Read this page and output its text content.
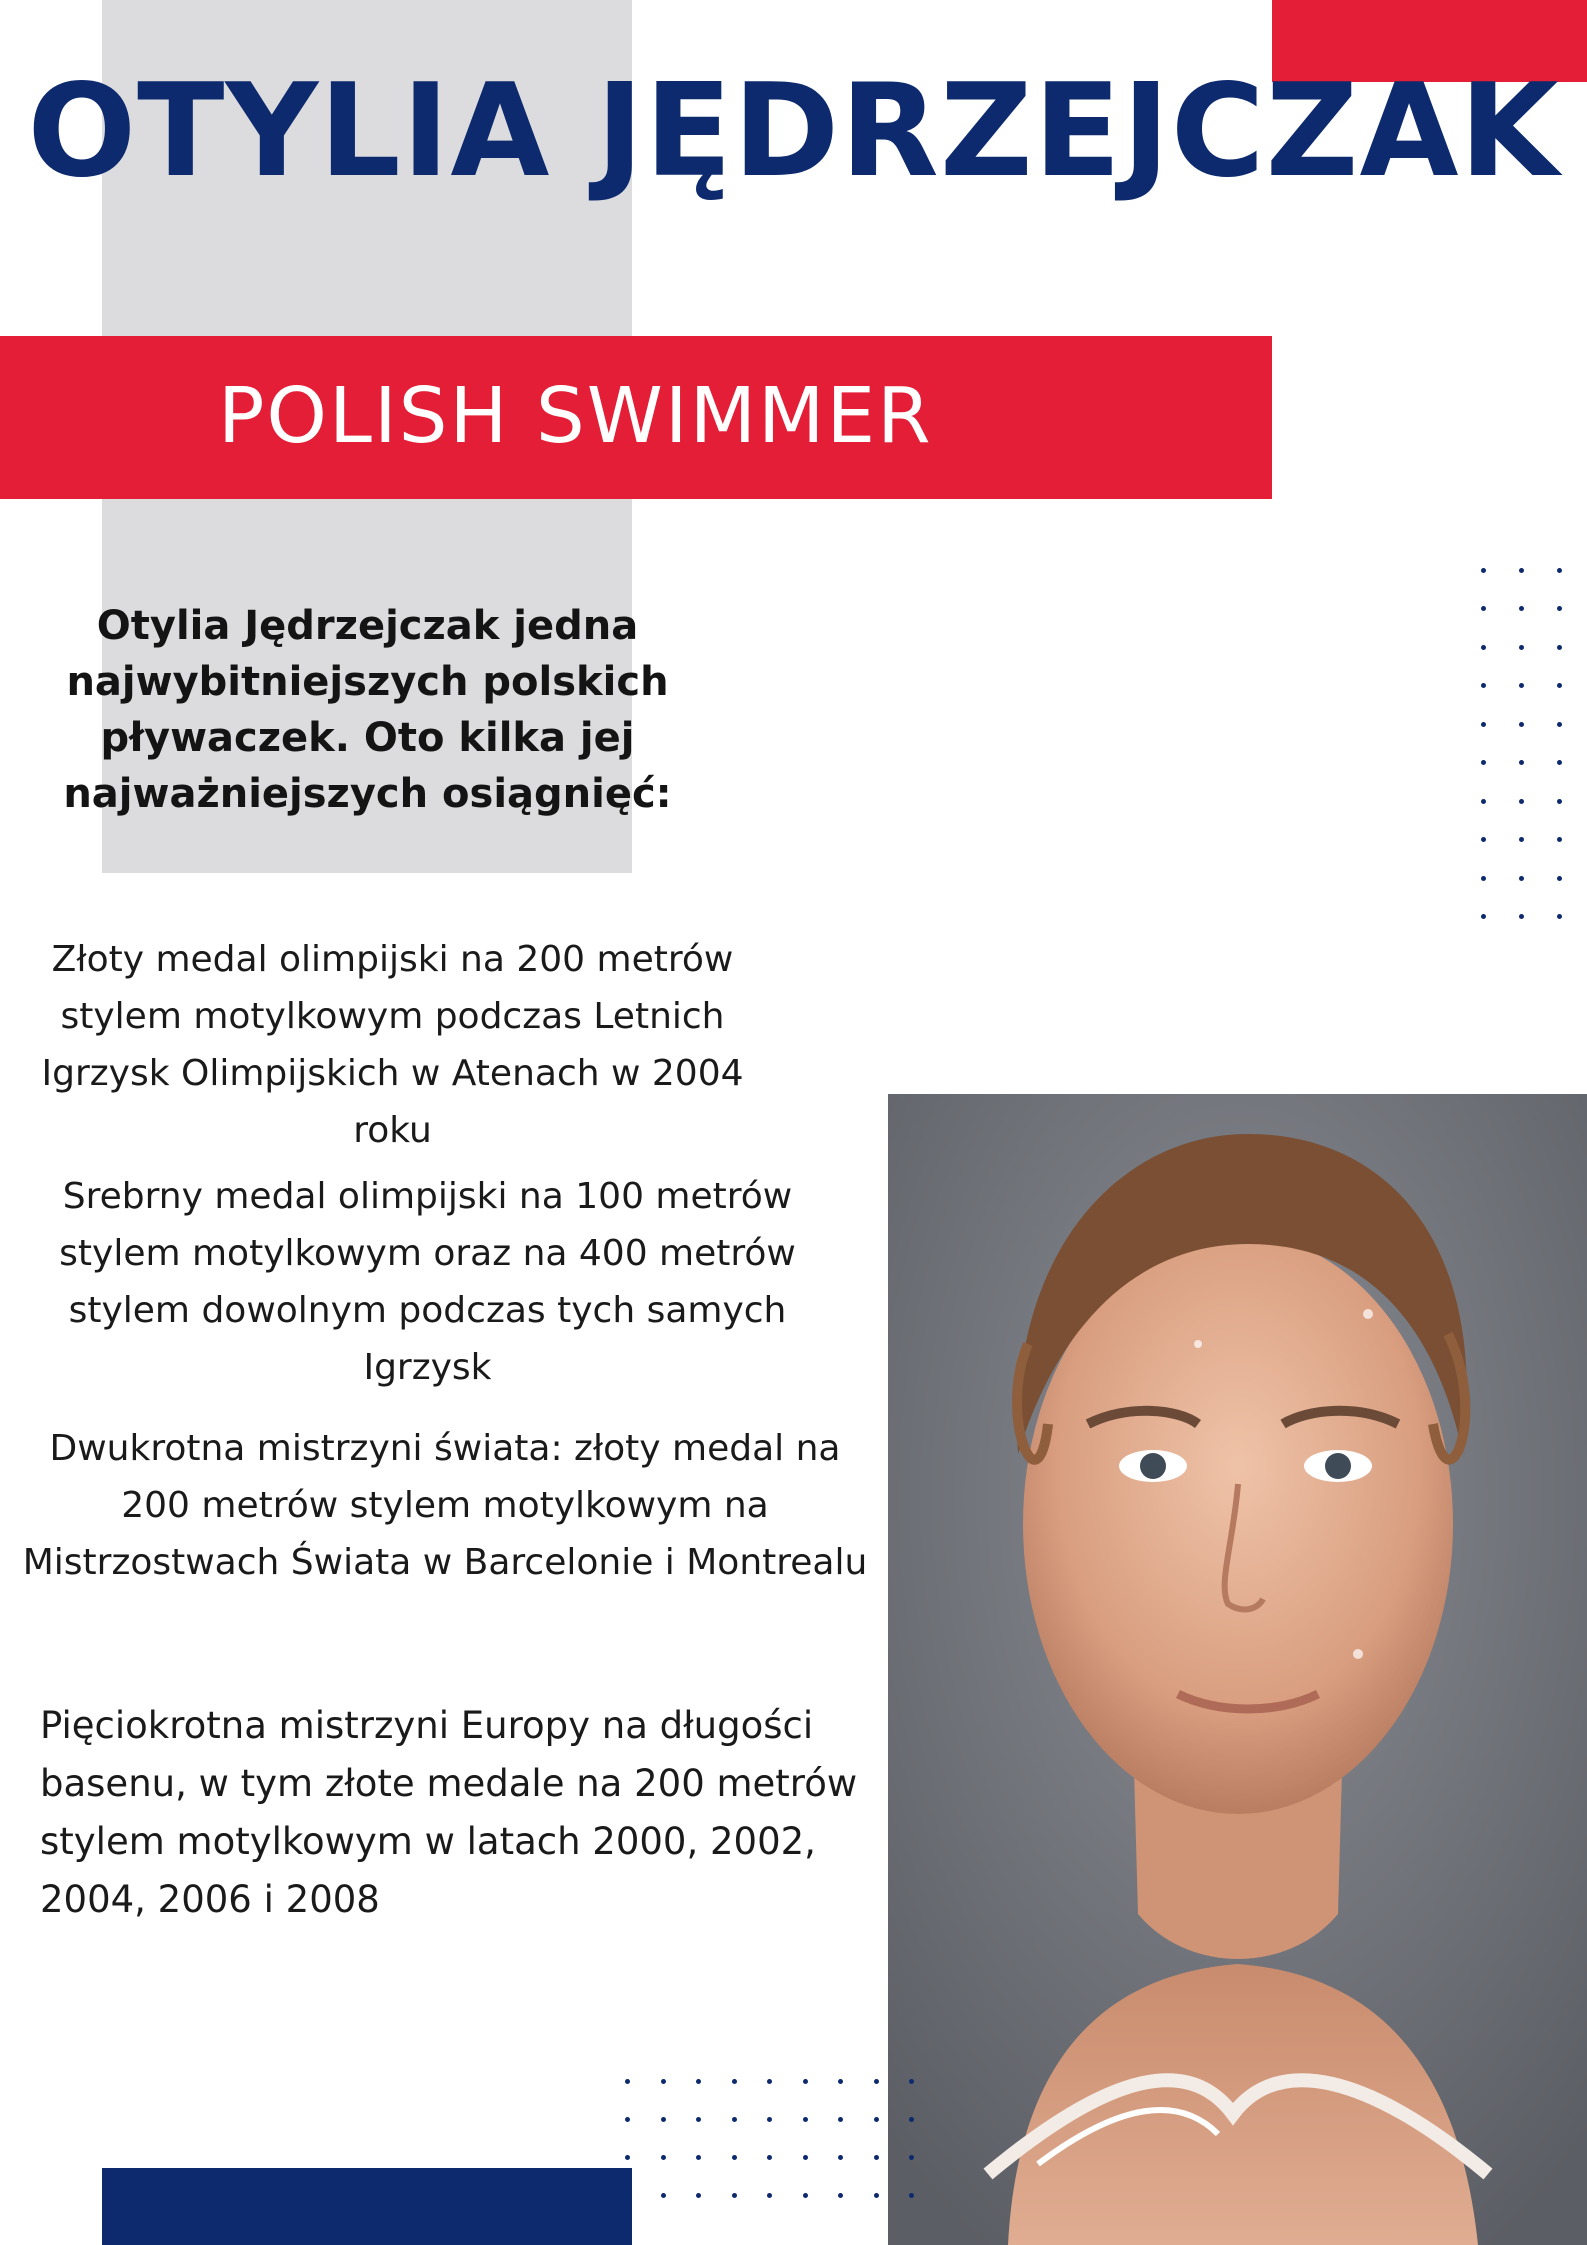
OTYLIA JĘDRZEJCZAK
POLISH SWIMMER

Otylia Jędrzejczak jedna najwybitniejszych polskich pływaczek. Oto kilka jej najważniejszych osiągnięć:

Złoty medal olimpijski na 200 metrów stylem motylkowym podczas Letnich Igrzysk Olimpijskich w Atenach w 2004 roku

Srebrny medal olimpijski na 100 metrów stylem motylkowym oraz na 400 metrów stylem dowolnym podczas tych samych Igrzysk

Dwukrotna mistrzyni świata: złoty medal na 200 metrów stylem motylkowym na Mistrzostwach Świata w Barcelonie i Montrealu

Pięciokrotna mistrzyni Europy na długości basenu, w tym złote medale na 200 metrów stylem motylkowym w latach 2000, 2002, 2004, 2006 i 2008
